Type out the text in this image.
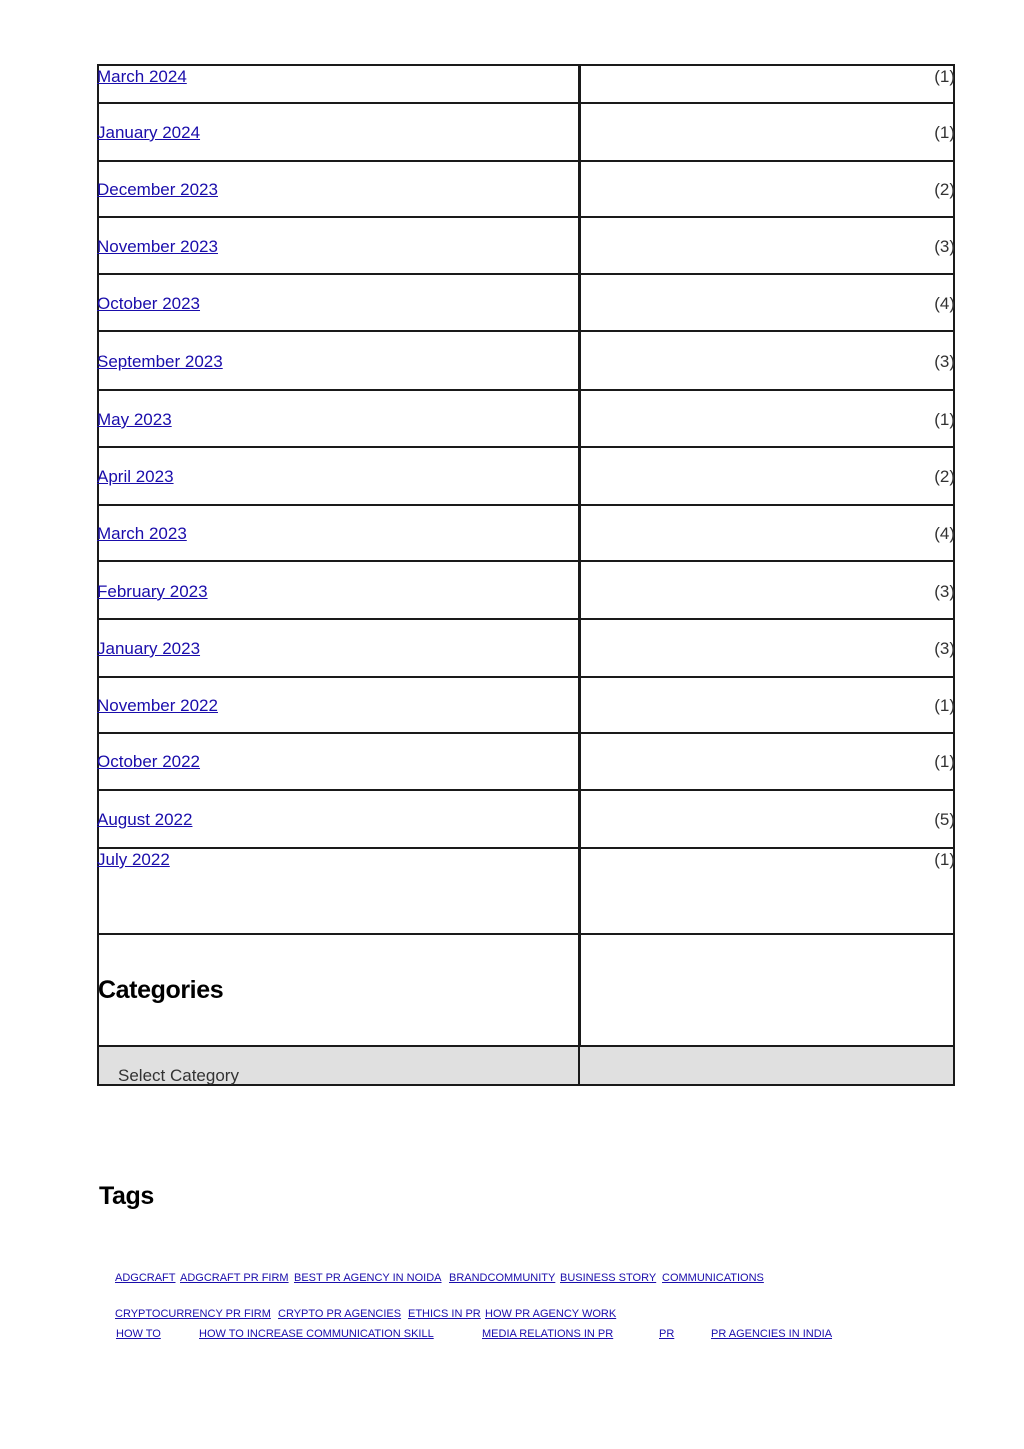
March 2024	(1)
January 2024	(1)
December 2023	(2)
November 2023	(3)
October 2023	(4)
September 2023	(3)
May 2023	(1)
April 2023	(2)
March 2023	(4)
February 2023	(3)
January 2023	(3)
November 2022	(1)
October 2022	(1)
August 2022	(5)
July 2022	(1)
Categories
Select Category
Tags
ADGCRAFT ADGCRAFT PR FIRM BEST PR AGENCY IN NOIDA BRANDCOMMUNITY BUSINESS STORY COMMUNICATIONS
CRYPTOCURRENCY PR FIRM CRYPTO PR AGENCIES ETHICS IN PR HOW PR AGENCY WORK
HOW TO	HOW TO INCREASE COMMUNICATION SKILL	MEDIA RELATIONS IN PR	PR	PR AGENCIES IN INDIA
